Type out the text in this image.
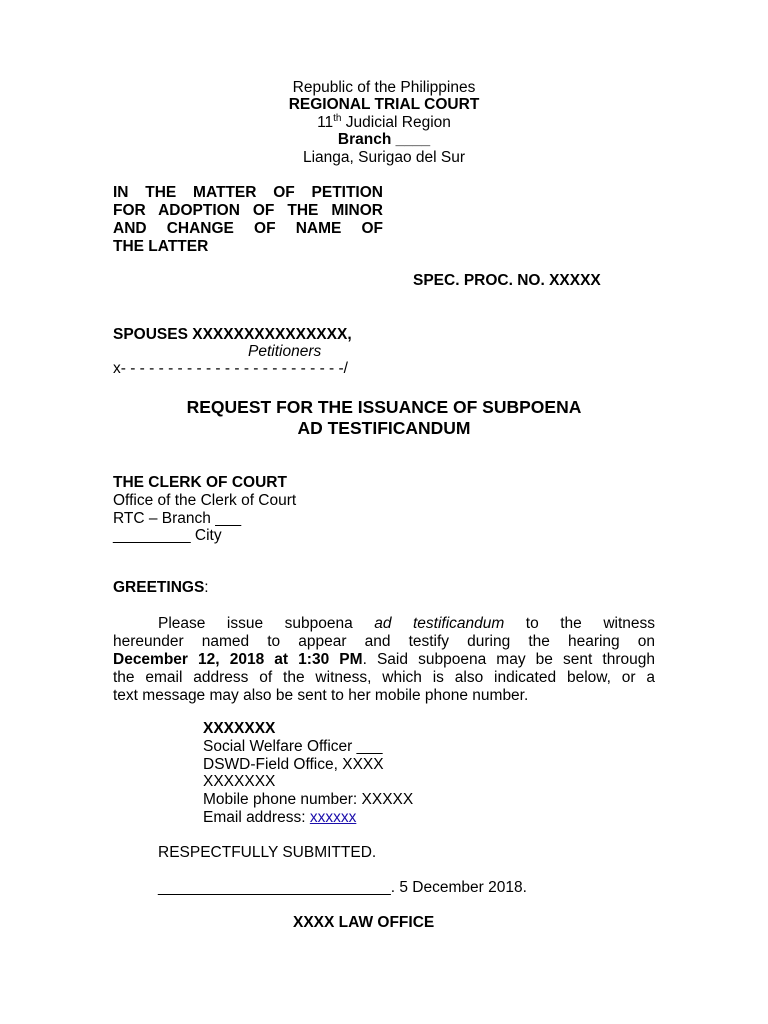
Republic of the Philippines
REGIONAL TRIAL COURT
11th Judicial Region
Branch ____
Lianga, Surigao del Sur
IN THE MATTER OF PETITION
FOR ADOPTION OF THE MINOR
AND CHANGE OF NAME OF
THE LATTER
SPEC. PROC. NO. XXXXX
SPOUSES XXXXXXXXXXXXXXX,
Petitioners
x- - - - - - - - - - - - - - - - - - - - - - - -/
REQUEST FOR THE ISSUANCE OF SUBPOENA
AD TESTIFICANDUM
THE CLERK OF COURT
Office of the Clerk of Court
RTC – Branch ___
_________ City
GREETINGS:
Please issue subpoena ad testificandum to the witness
hereunder named to appear and testify during the hearing on
December 12, 2018 at 1:30 PM. Said subpoena may be sent through
the email address of the witness, which is also indicated below, or a
text message may also be sent to her mobile phone number.
XXXXXXX
Social Welfare Officer ___
DSWD-Field Office, XXXX
XXXXXXX
Mobile phone number: XXXXX
Email address: xxxxxx
RESPECTFULLY SUBMITTED.
___________________________. 5 December 2018.
XXXX LAW OFFICE
